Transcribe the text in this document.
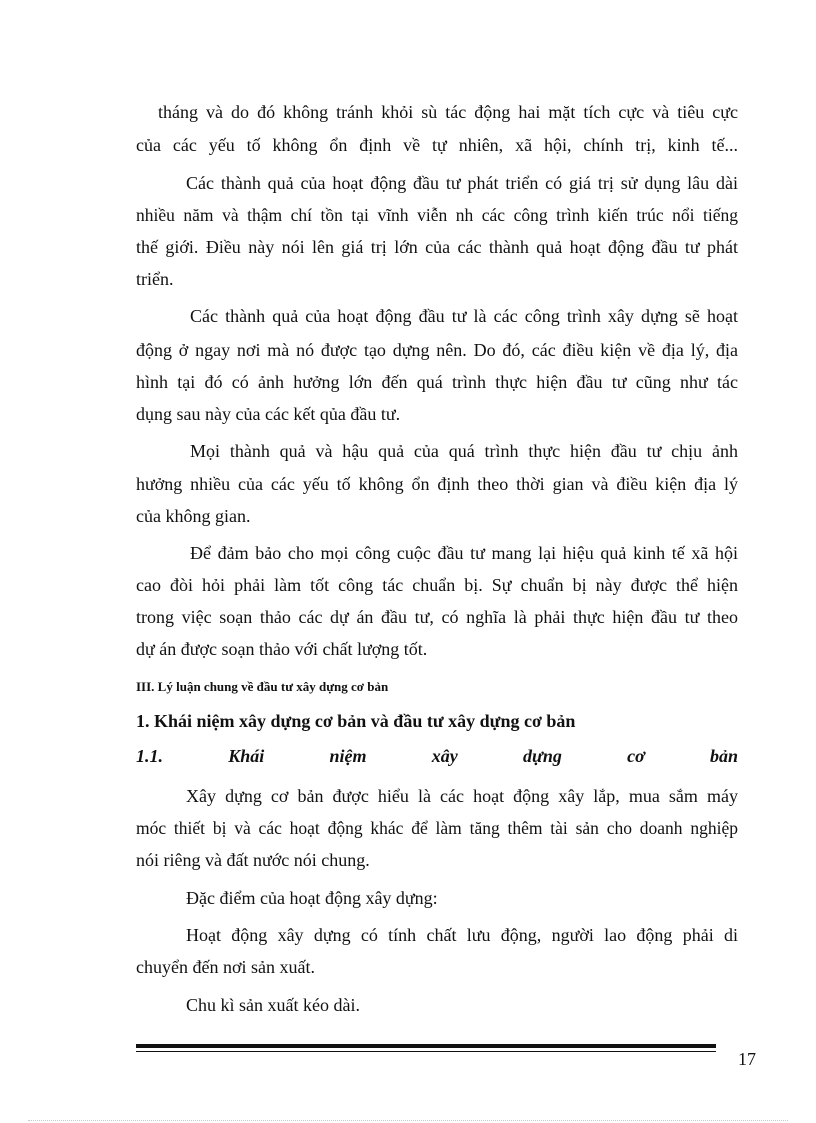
tháng và do đó không tránh khỏi sù tác động hai mặt tích cực và tiêu cực
của các yếu tố không ổn định về tự nhiên, xã hội, chính trị, kinh tế...
Các thành quả của hoạt động đầu tư phát triển có giá trị sử dụng lâu dài
nhiều năm và thậm chí tồn tại vĩnh viễn nh các công trình kiến trúc nổi tiếng
thế giới. Điều này nói lên giá trị lớn của các thành quả hoạt động đầu tư phát
triển.
Các thành quả của hoạt động đầu tư là các công trình xây dựng sẽ hoạt
động ở ngay nơi mà nó được tạo dựng nên. Do đó, các điều kiện về địa lý, địa
hình tại đó có ảnh hưởng lớn đến quá trình thực hiện đầu tư cũng như tác
dụng sau này của các kết qủa đầu tư.
Mọi thành quả và hậu quả của quá trình thực hiện đầu tư chịu ảnh
hưởng nhiều của các yếu tố không ổn định theo thời gian và điều kiện địa lý
của không gian.
Để đảm bảo cho mọi công cuộc đầu tư mang lại hiệu quả kinh tế xã hội
cao đòi hỏi phải làm tốt công tác chuẩn bị. Sự chuẩn bị này được thể hiện
trong việc soạn thảo các dự án đầu tư, có nghĩa là phải thực hiện đầu tư theo
dự án được soạn thảo với chất lượng tốt.
III. Lý luận chung về đầu tư xây dựng cơ bản
1. Khái niệm xây dựng cơ bản và đầu tư xây dựng cơ bản
1.1. Khái niệm xây dựng cơ bản
Xây dựng cơ bản được hiểu là các hoạt động xây lắp, mua sắm máy
móc thiết bị và các hoạt động khác để làm tăng thêm tài sản cho doanh nghiệp
nói riêng và đất nước nói chung.
Đặc điểm của hoạt động xây dựng:
Hoạt động xây dựng có tính chất lưu động, người lao động phải di
chuyển đến nơi sản xuất.
Chu kì sản xuất kéo dài.
17
